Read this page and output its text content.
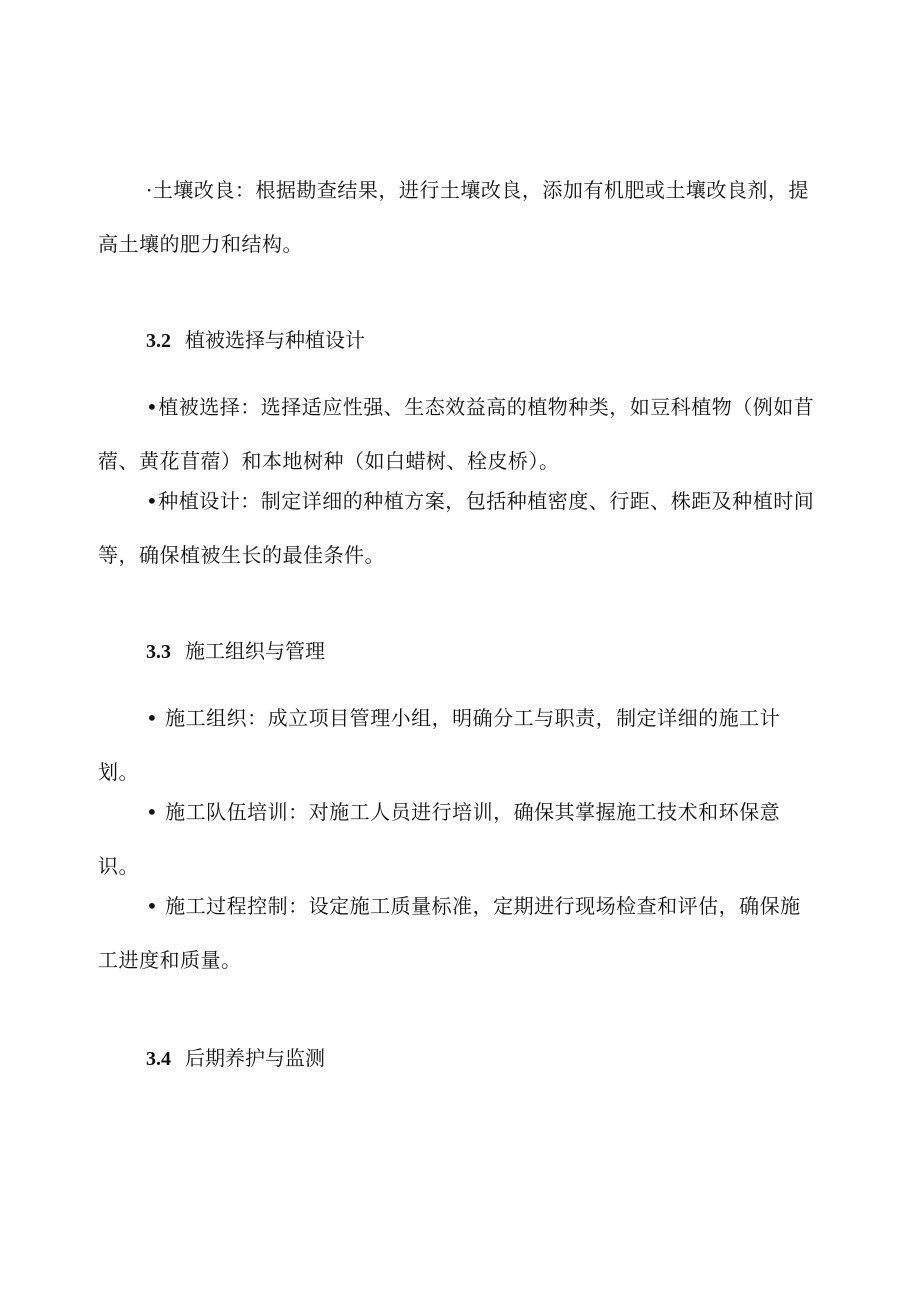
·土壤改良：根据勘查结果，进行土壤改良，添加有机肥或土壤改良剂，提高土壤的肥力和结构。

3.2 植被选择与种植设计

•植被选择：选择适应性强、生态效益高的植物种类，如豆科植物（例如苜蓿、黄花苜蓿）和本地树种（如白蜡树、栓皮桥）。

•种植设计：制定详细的种植方案，包括种植密度、行距、株距及种植时间等，确保植被生长的最佳条件。

3.3 施工组织与管理

• 施工组织：成立项目管理小组，明确分工与职责，制定详细的施工计划。

• 施工队伍培训：对施工人员进行培训，确保其掌握施工技术和环保意识。

• 施工过程控制：设定施工质量标准，定期进行现场检查和评估，确保施工进度和质量。

3.4 后期养护与监测
